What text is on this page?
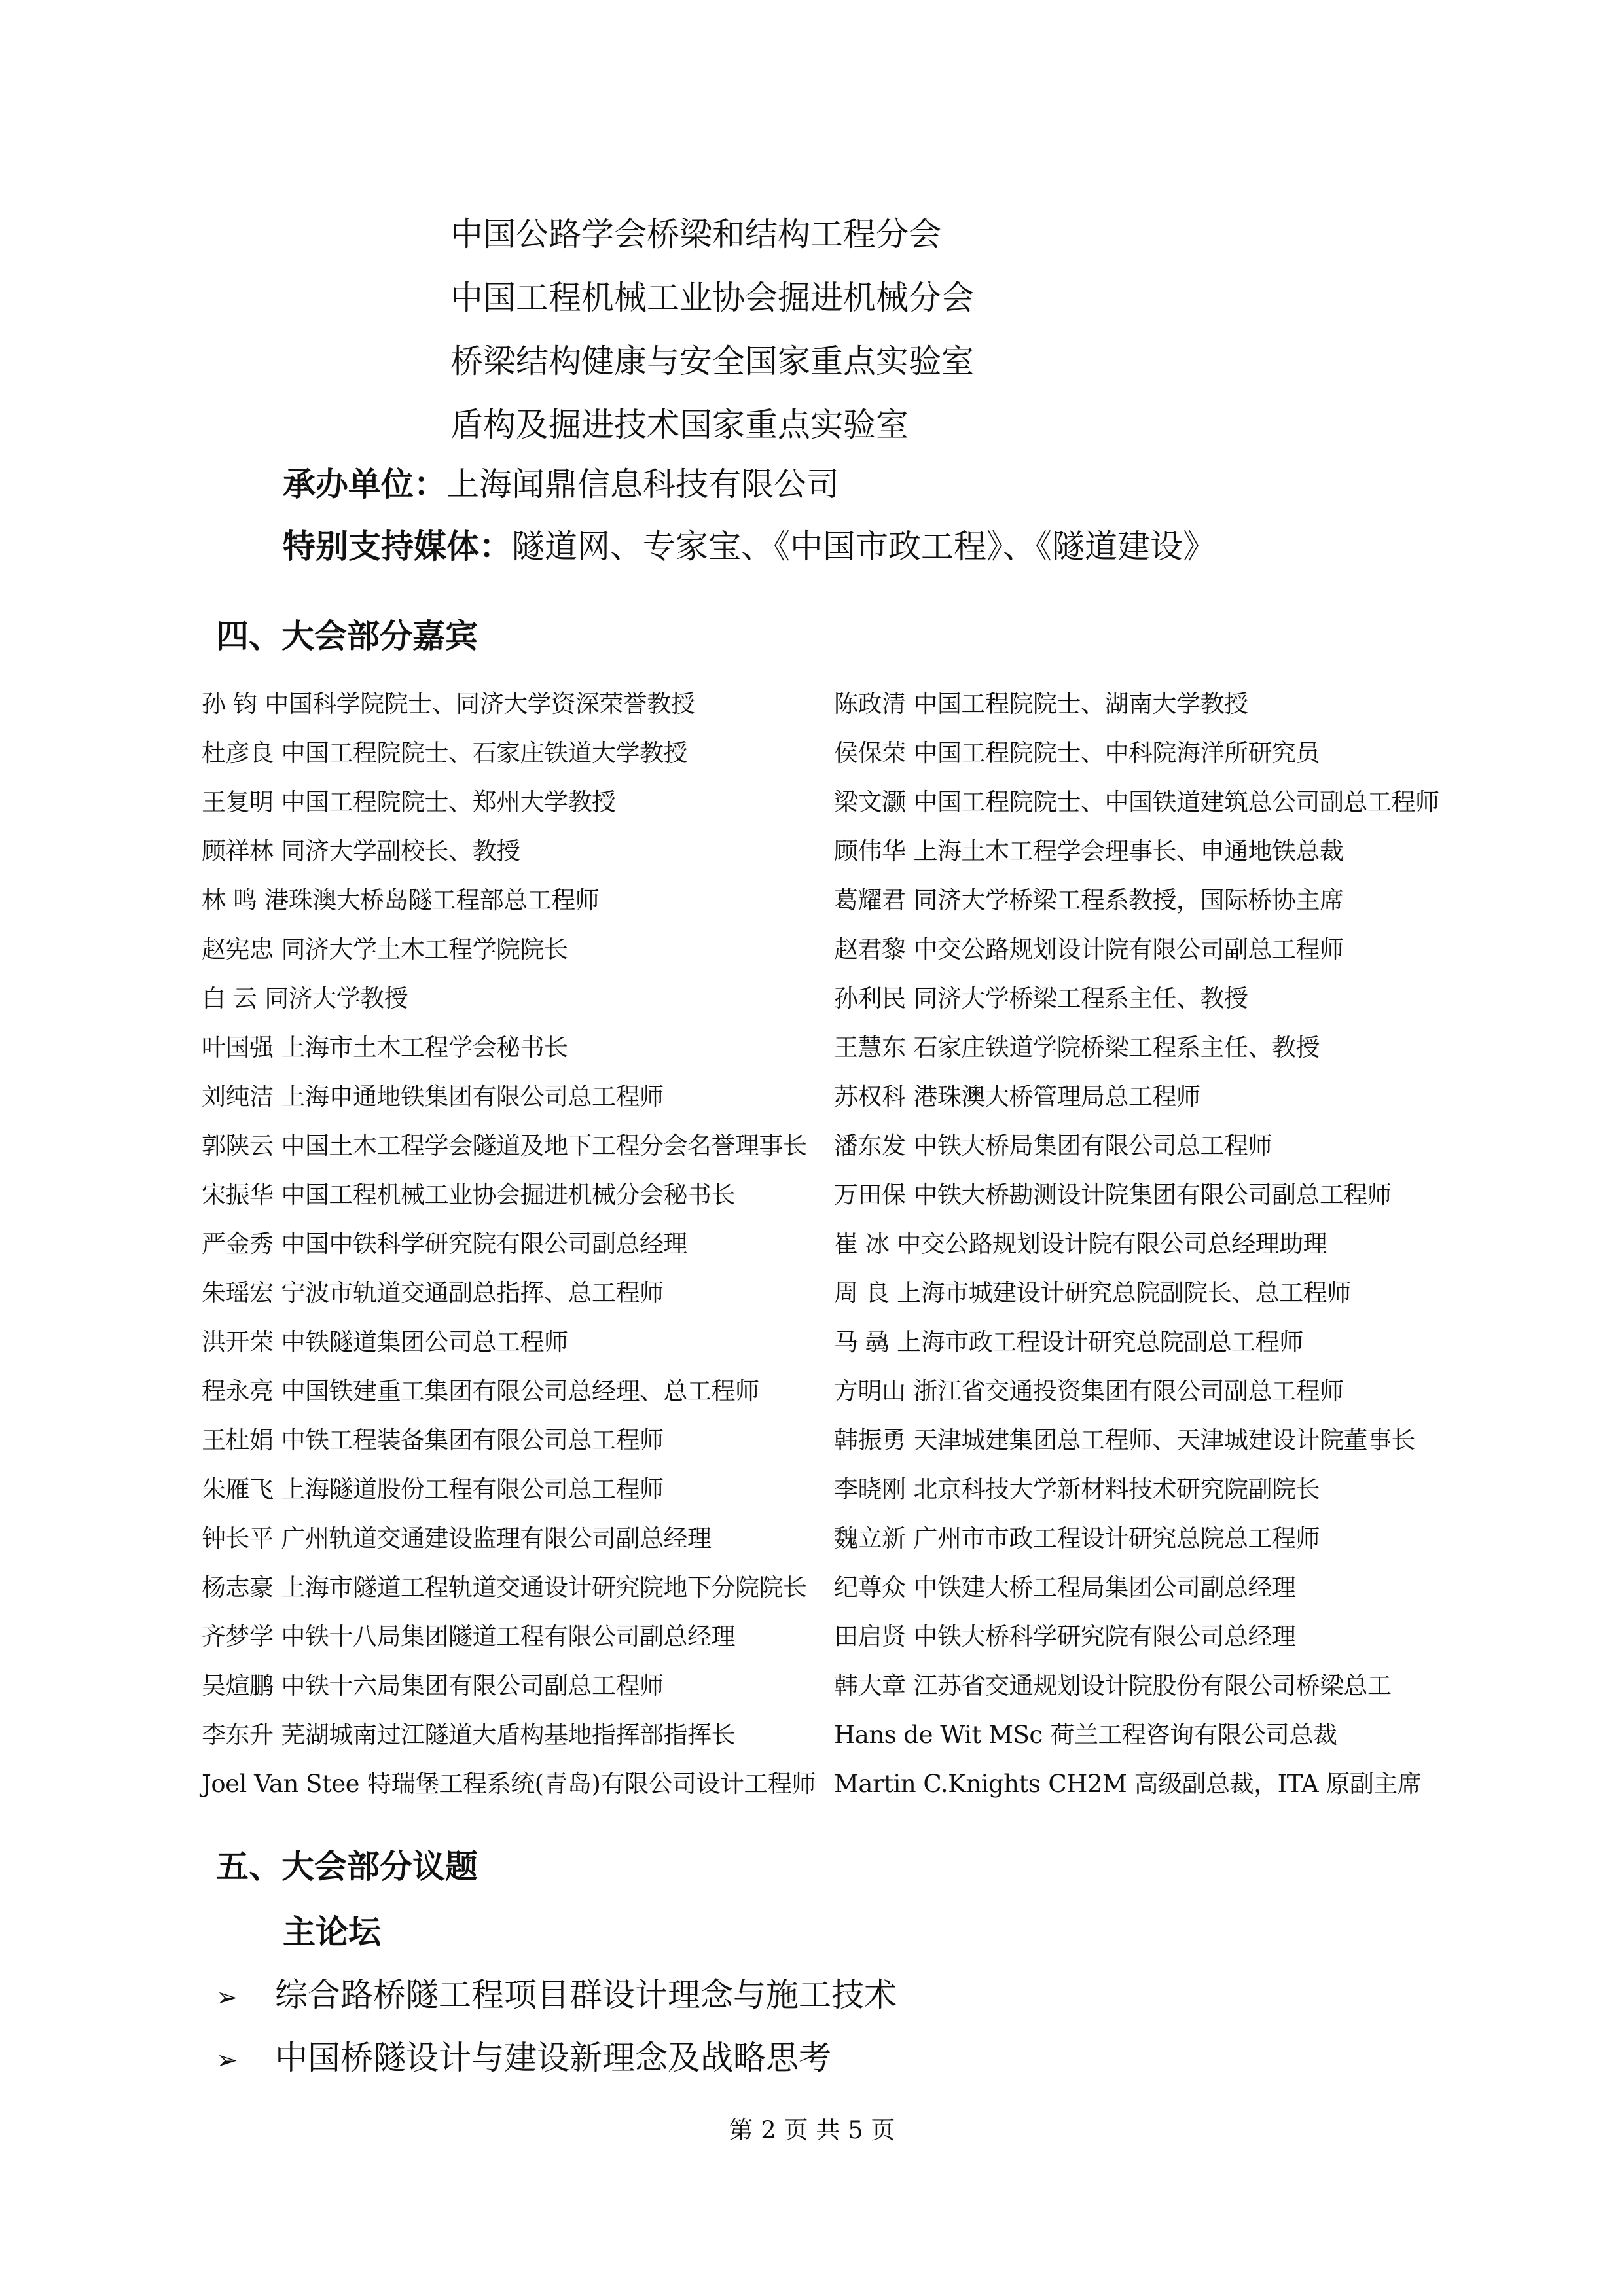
中国公路学会桥梁和结构工程分会
中国工程机械工业协会掘进机械分会
桥梁结构健康与安全国家重点实验室
盾构及掘进技术国家重点实验室
承办单位：上海闻鼎信息科技有限公司
特别支持媒体：隧道网、专家宝、《中国市政工程》、《隧道建设》
四、大会部分嘉宾
孙 钧 中国科学院院士、同济大学资深荣誉教授
杜彦良 中国工程院院士、石家庄铁道大学教授
王复明 中国工程院院士、郑州大学教授
顾祥林 同济大学副校长、教授
林 鸣 港珠澳大桥岛隧工程部总工程师
赵宪忠 同济大学土木工程学院院长
白 云 同济大学教授
叶国强 上海市土木工程学会秘书长
刘纯洁 上海申通地铁集团有限公司总工程师
郭陕云 中国土木工程学会隧道及地下工程分会名誉理事长
宋振华 中国工程机械工业协会掘进机械分会秘书长
严金秀 中国中铁科学研究院有限公司副总经理
朱瑶宏 宁波市轨道交通副总指挥、总工程师
洪开荣 中铁隧道集团公司总工程师
程永亮 中国铁建重工集团有限公司总经理、总工程师
王杜娟 中铁工程装备集团有限公司总工程师
朱雁飞 上海隧道股份工程有限公司总工程师
钟长平 广州轨道交通建设监理有限公司副总经理
杨志豪 上海市隧道工程轨道交通设计研究院地下分院院长
齐梦学 中铁十八局集团隧道工程有限公司副总经理
吴煊鹏 中铁十六局集团有限公司副总工程师
李东升 芜湖城南过江隧道大盾构基地指挥部指挥长
Joel Van Stee 特瑞堡工程系统(青岛)有限公司设计工程师
陈政清 中国工程院院士、湖南大学教授
侯保荣 中国工程院院士、中科院海洋所研究员
梁文灏 中国工程院院士、中国铁道建筑总公司副总工程师
顾伟华 上海土木工程学会理事长、申通地铁总裁
葛耀君 同济大学桥梁工程系教授，国际桥协主席
赵君黎 中交公路规划设计院有限公司副总工程师
孙利民 同济大学桥梁工程系主任、教授
王慧东 石家庄铁道学院桥梁工程系主任、教授
苏权科 港珠澳大桥管理局总工程师
潘东发 中铁大桥局集团有限公司总工程师
万田保 中铁大桥勘测设计院集团有限公司副总工程师
崔 冰 中交公路规划设计院有限公司总经理助理
周 良 上海市城建设计研究总院副院长、总工程师
马 骉 上海市政工程设计研究总院副总工程师
方明山 浙江省交通投资集团有限公司副总工程师
韩振勇 天津城建集团总工程师、天津城建设计院董事长
李晓刚 北京科技大学新材料技术研究院副院长
魏立新 广州市市政工程设计研究总院总工程师
纪尊众 中铁建大桥工程局集团公司副总经理
田启贤 中铁大桥科学研究院有限公司总经理
韩大章 江苏省交通规划设计院股份有限公司桥梁总工
Hans de Wit MSc 荷兰工程咨询有限公司总裁
Martin C.Knights CH2M 高级副总裁，ITA 原副主席
五、大会部分议题
主论坛
➢ 综合路桥隧工程项目群设计理念与施工技术
➢ 中国桥隧设计与建设新理念及战略思考
第 2 页 共 5 页
